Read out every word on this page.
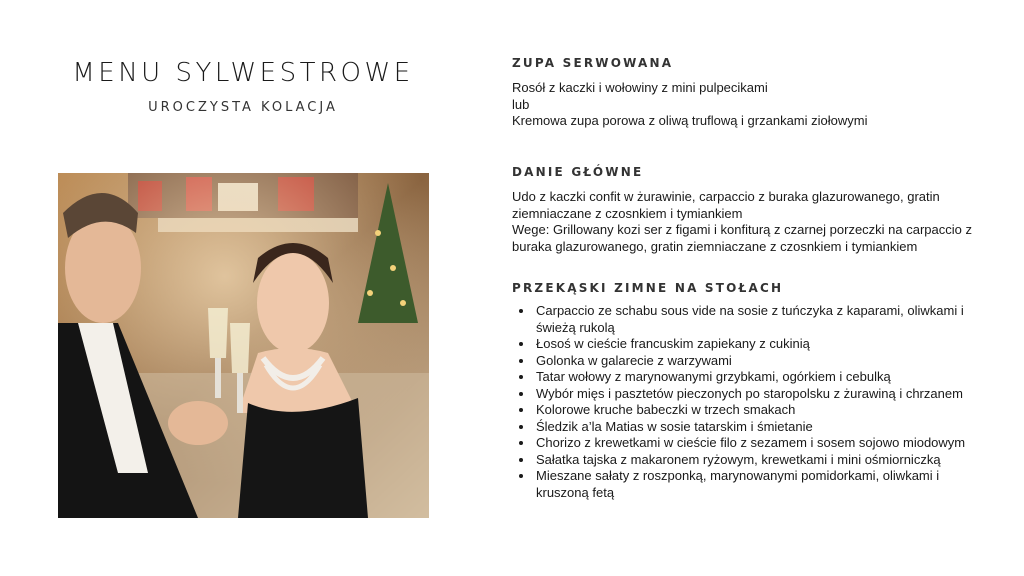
MENU SYLWESTROWE
UROCZYSTA KOLACJA
ZUPA SERWOWANA
Rosół z kaczki i wołowiny z mini pulpecikami
lub
Kremowa zupa porowa z oliwą truflową i grzankami ziołowymi
DANIE GŁÓWNE
Udo z kaczki confit w żurawinie, carpaccio z buraka glazurowanego, gratin ziemniaczane z czosnkiem i tymiankiem
Wege: Grillowany kozi ser z figami i konfiturą z czarnej porzeczki na carpaccio z buraka glazurowanego, gratin ziemniaczane z czosnkiem i tymiankiem
PRZEKĄSKI ZIMNE NA STOŁACH
• Carpaccio ze schabu sous vide na sosie z tuńczyka z kaparami, oliwkami i świeżą rukolą
• Łosoś w cieście francuskim zapiekany z cukinią
• Golonka w galarecie z warzywami
• Tatar wołowy z marynowanymi grzybkami, ogórkiem i cebulką
• Wybór mięs i pasztetów pieczonych po staropolsku z żurawiną i chrzanem
• Kolorowe kruche babeczki w trzech smakach
• Śledzik a’la Matias w sosie tatarskim i śmietanie
• Chorizo z krewetkami w cieście filo z sezamem i sosem sojowo miodowym
• Sałatka tajska z makaronem ryżowym, krewetkami i mini ośmiorniczką
• Mieszane sałaty z roszponką, marynowanymi pomidorkami, oliwkami i kruszoną fetą
